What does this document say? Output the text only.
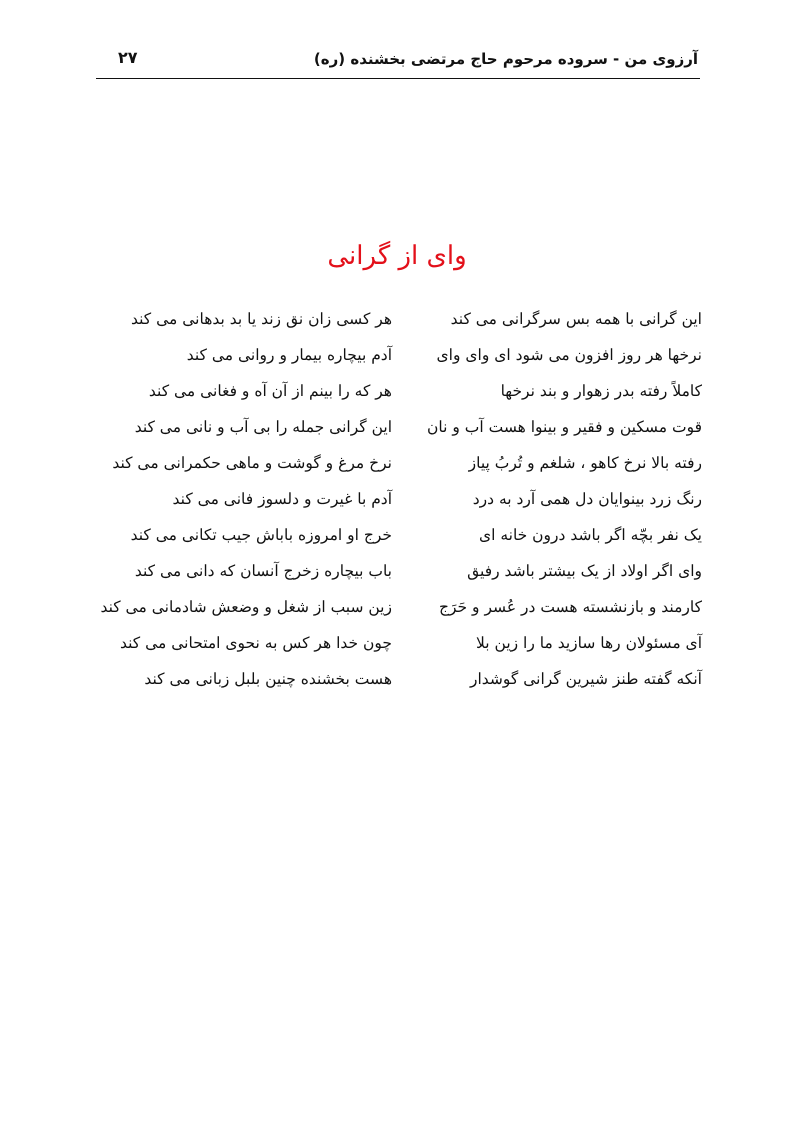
آرزوی من - سروده مرحوم حاج مرتضی بخشنده (ره)
۲۷
وای از گرانی
این گرانی با همه بس سرگرانی می کند
هر کسی زان نق زند یا بد بدهانی می کند
نرخها هر روز افزون می شود ای وای وای
آدم بیچاره بیمار و روانی می کند
کاملاً رفته بدر زهوار و بند نرخها
هر که را بینم از آن آه و فغانی می کند
قوت مسکین و فقیر و بینوا هست آب و نان
این گرانی جمله را بی آب و نانی می کند
رفته بالا نرخ کاهو ، شلغم و تُربُ پیاز
نرخ مرغ و گوشت و ماهی حکمرانی می کند
رنگ زرد بینوایان دل همی آرد به درد
آدم با غیرت و دلسوز فانی می کند
یک نفر بچّه اگر باشد درون خانه ای
خرج او امروزه باباش جیب تکانی می کند
وای اگر اولاد از یک بیشتر باشد رفیق
باب بیچاره زخرج آنسان که دانی می کند
کارمند و بازنشسته هست در عُسر و حَرَج
زین سبب از شغل و وضعش شادمانی می کند
آی مسئولان رها سازید ما را زین بلا
چون خدا هر کس به نحوی امتحانی می کند
آنکه گفته طنز شیرین گرانی گوشدار
هست بخشنده چنین بلبل زبانی می کند
